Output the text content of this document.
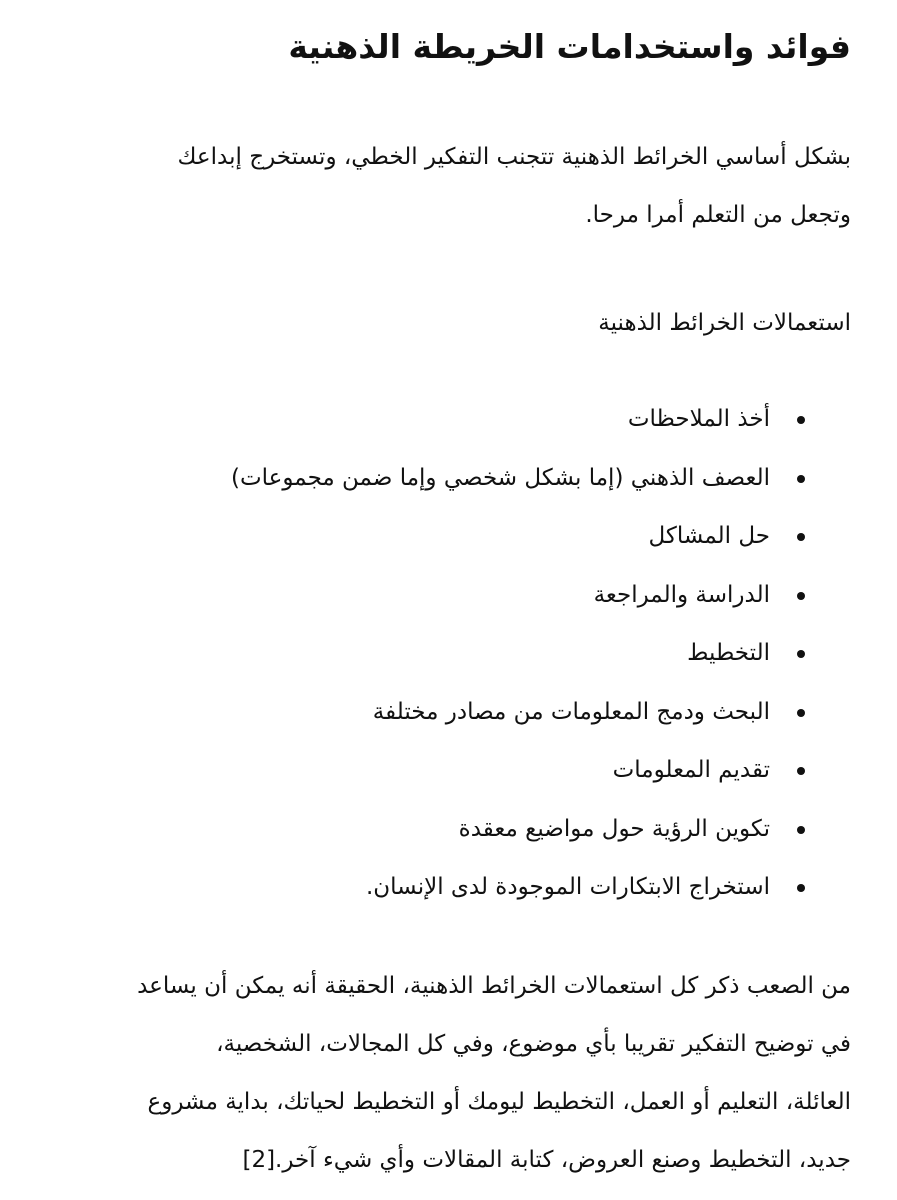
فوائد واستخدامات الخريطة الذهنية

بشكل أساسي الخرائط الذهنية تتجنب التفكير الخطي، وتستخرج إبداعك

وتجعل من التعلم أمرا مرحا.

استعمالات الخرائط الذهنية

أخذ الملاحظات
العصف الذهني (إما بشكل شخصي وإما ضمن مجموعات)
حل المشاكل
الدراسة والمراجعة
التخطيط
البحث ودمج المعلومات من مصادر مختلفة
تقديم المعلومات
تكوين الرؤية حول مواضيع معقدة
استخراج الابتكارات الموجودة لدى الإنسان.

من الصعب ذكر كل استعمالات الخرائط الذهنية، الحقيقة أنه يمكن أن يساعد

في توضيح التفكير تقريبا بأي موضوع، وفي كل المجالات، الشخصية،

العائلة، التعليم أو العمل، التخطيط ليومك أو التخطيط لحياتك، بداية مشروع

جديد، التخطيط وصنع العروض، كتابة المقالات وأي شيء آخر.[2]
